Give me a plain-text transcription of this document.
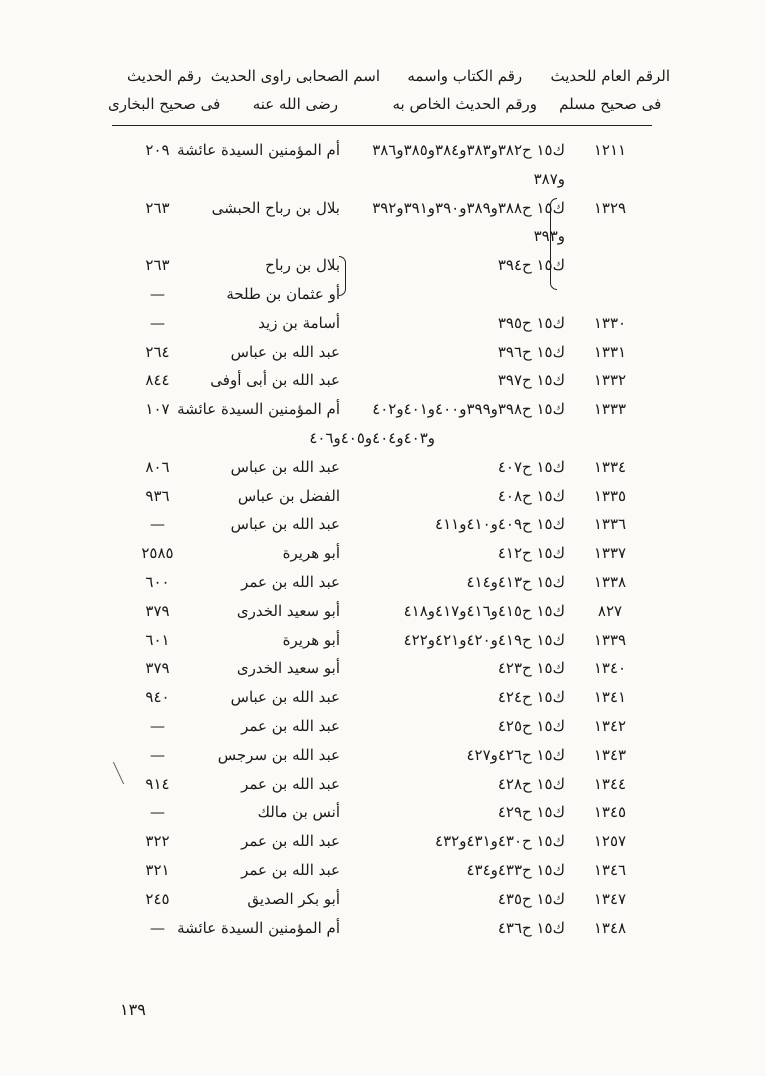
الرقم العام للحديث
فى صحيح مسلم
رقم الكتاب واسمه
ورقم الحديث الخاص به
اسم الصحابى راوى الحديث
رضى الله عنه
رقم الحديث
فى صحيح البخارى
١٢١١
ك١٥ ح٣٨٢و٣٨٣و٣٨٤و٣٨٥و٣٨٦
أم المؤمنين السيدة عائشة
٢٠٩
و٣٨٧
١٣٢٩
ك١٥ ح٣٨٨و٣٨٩و٣٩٠و٣٩١و٣٩٢
بلال بن رباح الحبشى
٢٦٣
و٣٩٣
ك١٥ ح٣٩٤
بلال بن رباح
٢٦٣
أو عثمان بن طلحة
—
١٣٣٠
ك١٥ ح٣٩٥
أسامة بن زيد
—
١٣٣١
ك١٥ ح٣٩٦
عبد الله بن عباس
٢٦٤
١٣٣٢
ك١٥ ح٣٩٧
عبد الله بن أبى أوفى
٨٤٤
١٣٣٣
ك١٥ ح٣٩٨و٣٩٩و٤٠٠و٤٠١و٤٠٢
أم المؤمنين السيدة عائشة
١٠٧
و٤٠٣و٤٠٤و٤٠٥و٤٠٦
١٣٣٤
ك١٥ ح٤٠٧
عبد الله بن عباس
٨٠٦
١٣٣٥
ك١٥ ح٤٠٨
الفضل بن عباس
٩٣٦
١٣٣٦
ك١٥ ح٤٠٩و٤١٠و٤١١
عبد الله بن عباس
—
١٣٣٧
ك١٥ ح٤١٢
أبو هريرة
٢٥٨٥
١٣٣٨
ك١٥ ح٤١٣و٤١٤
عبد الله بن عمر
٦٠٠
٨٢٧
ك١٥ ح٤١٥و٤١٦و٤١٧و٤١٨
أبو سعيد الخدرى
٣٧٩
١٣٣٩
ك١٥ ح٤١٩و٤٢٠و٤٢١و٤٢٢
أبو هريرة
٦٠١
١٣٤٠
ك١٥ ح٤٢٣
أبو سعيد الخدرى
٣٧٩
١٣٤١
ك١٥ ح٤٢٤
عبد الله بن عباس
٩٤٠
١٣٤٢
ك١٥ ح٤٢٥
عبد الله بن عمر
—
١٣٤٣
ك١٥ ح٤٢٦و٤٢٧
عبد الله بن سرجس
—
١٣٤٤
ك١٥ ح٤٢٨
عبد الله بن عمر
٩١٤
١٣٤٥
ك١٥ ح٤٢٩
أنس بن مالك
—
١٢٥٧
ك١٥ ح٤٣٠و٤٣١و٤٣٢
عبد الله بن عمر
٣٢٢
١٣٤٦
ك١٥ ح٤٣٣و٤٣٤
عبد الله بن عمر
٣٢١
١٣٤٧
ك١٥ ح٤٣٥
أبو بكر الصديق
٢٤٥
١٣٤٨
ك١٥ ح٤٣٦
أم المؤمنين السيدة عائشة
—
١٣٩
